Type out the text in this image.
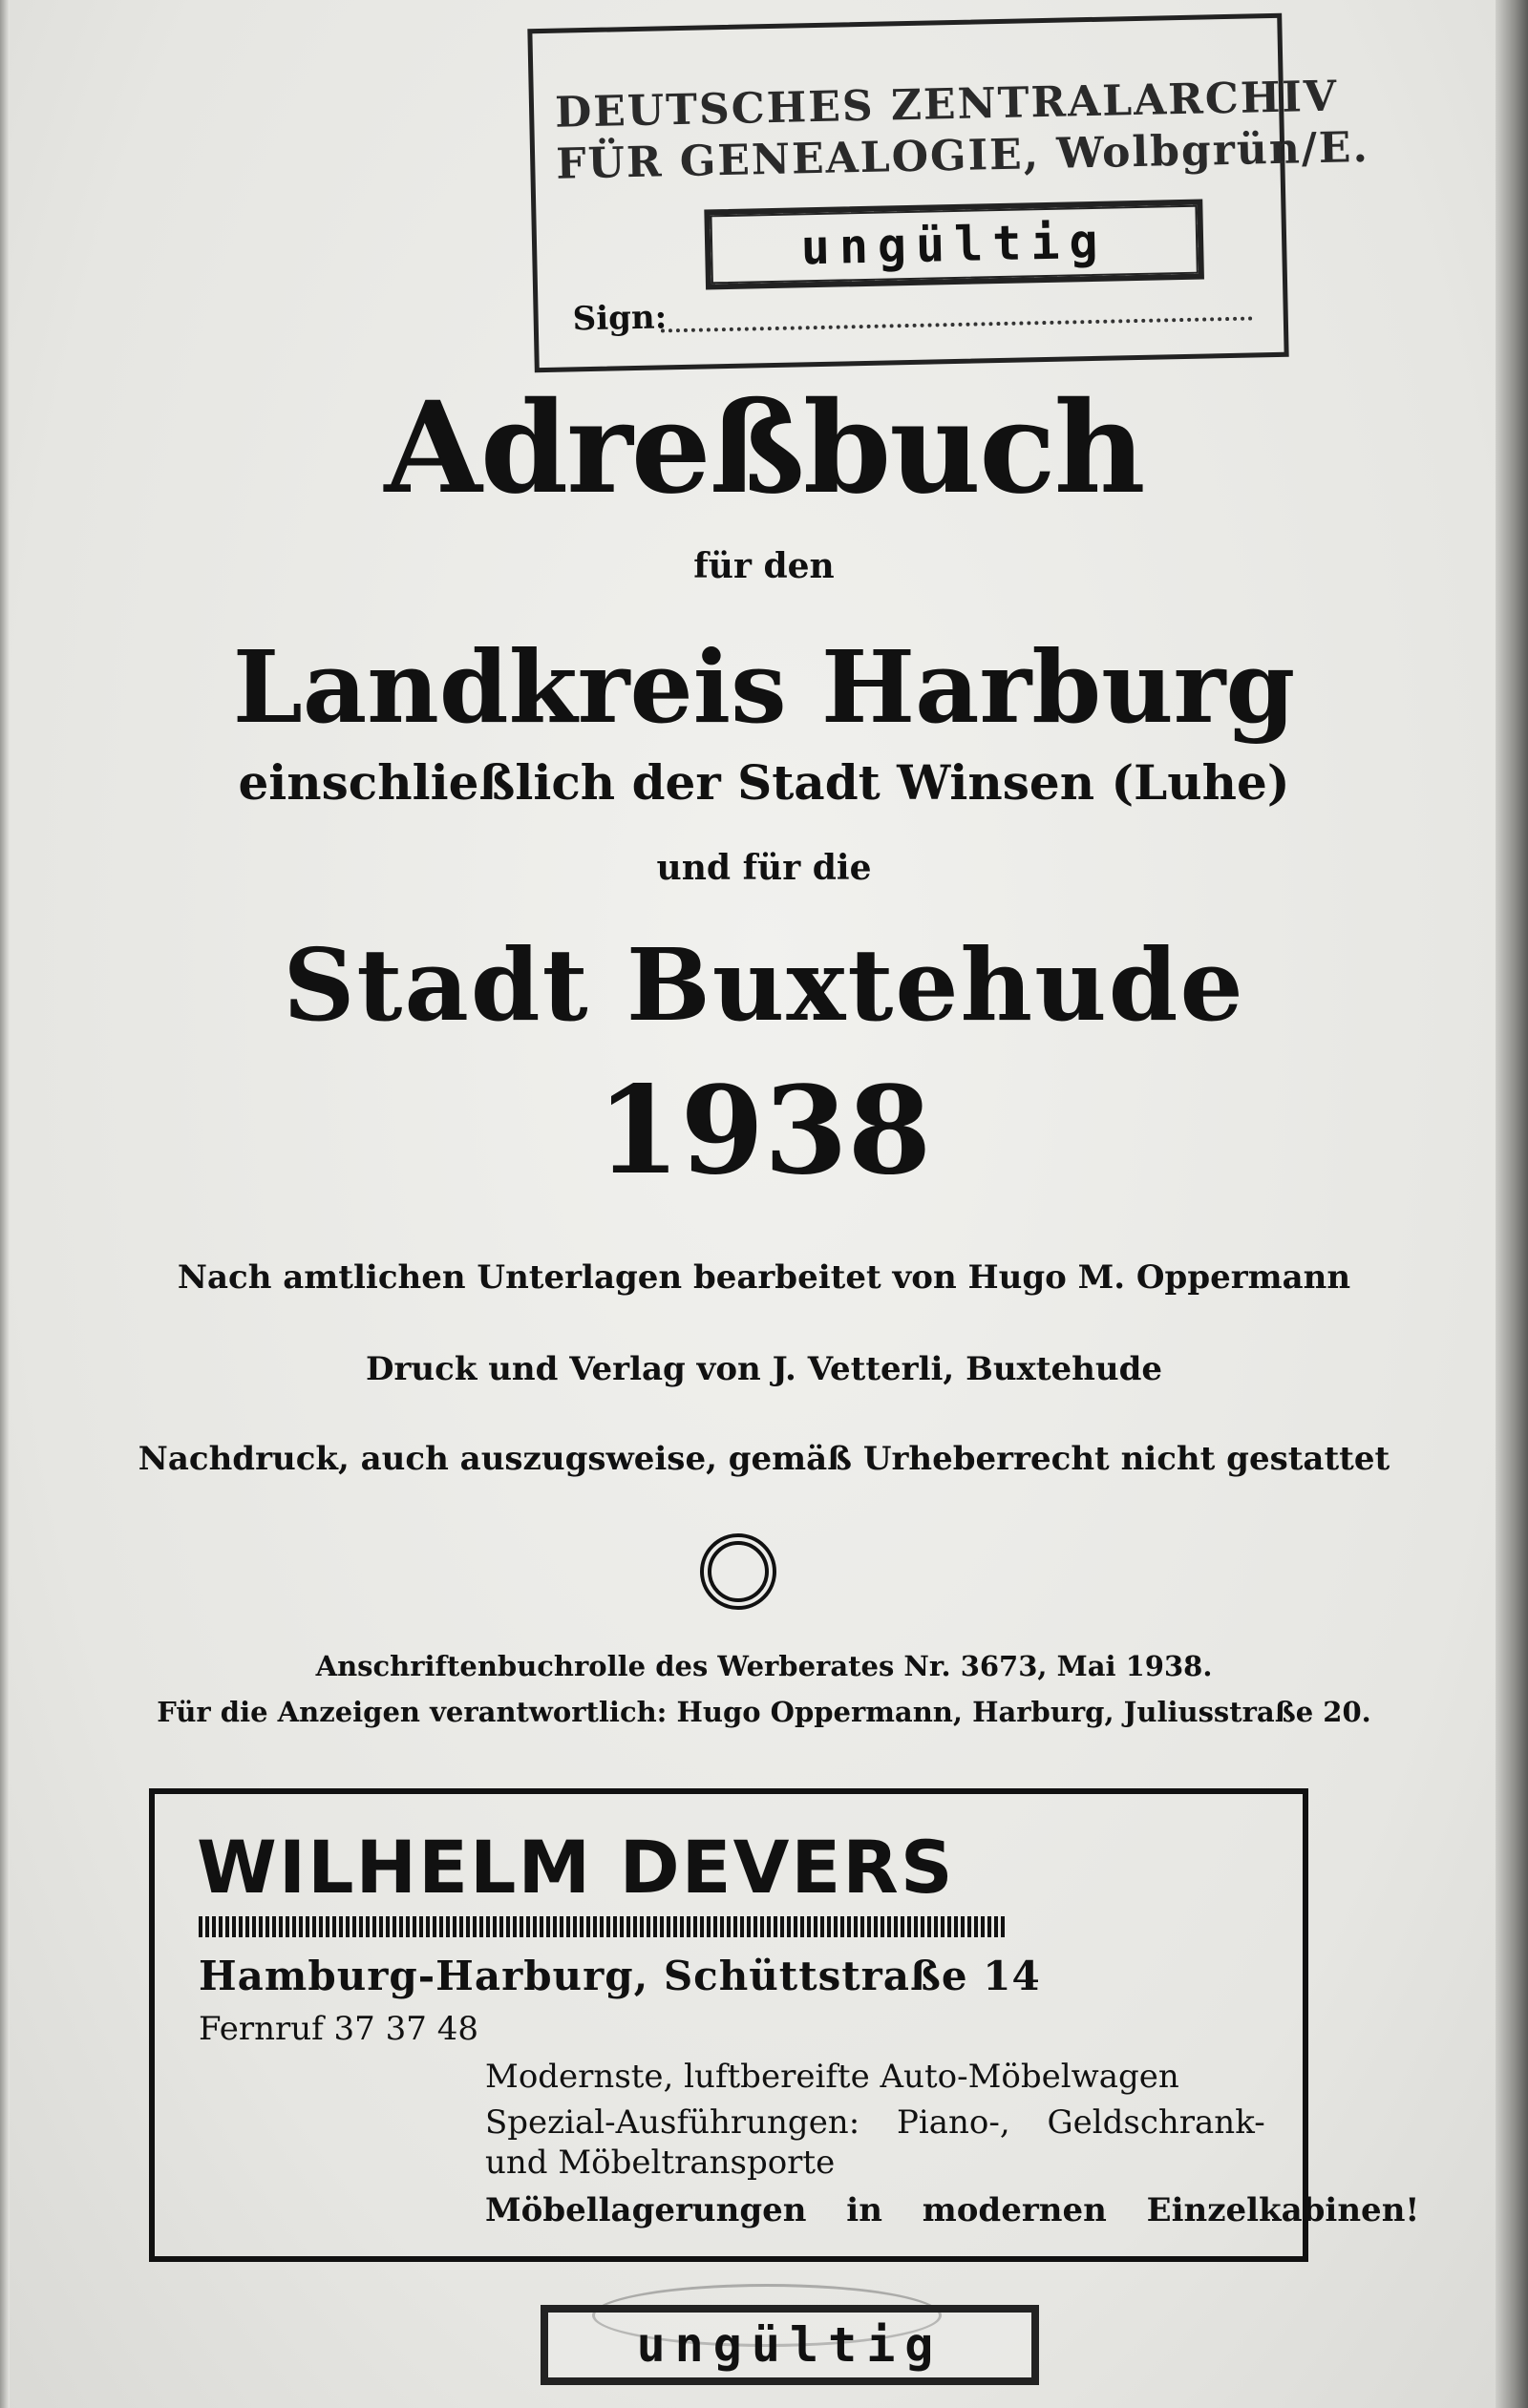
DEUTSCHES ZENTRALARCHIV
FÜR GENEALOGIE, Wolbgrün/E.
ungültig
Sign:
Adreßbuch
für den
Landkreis Harburg
einschließlich der Stadt Winsen (Luhe)
und für die
Stadt Buxtehude
1938
Nach amtlichen Unterlagen bearbeitet von Hugo M. Oppermann
Druck und Verlag von J. Vetterli, Buxtehude
Nachdruck, auch auszugsweise, gemäß Urheberrecht nicht gestattet
Anschriftenbuchrolle des Werberates Nr. 3673, Mai 1938.
Für die Anzeigen verantwortlich: Hugo Oppermann, Harburg, Juliusstraße 20.
WILHELM DEVERS
Hamburg-Harburg, Schüttstraße 14
Fernruf 37 37 48
Modernste, luftbereifte Auto-Möbelwagen
Spezial-Ausführungen: Piano-, Geldschrank-
und Möbeltransporte
Möbellagerungen in modernen Einzelkabinen!
ungültig
